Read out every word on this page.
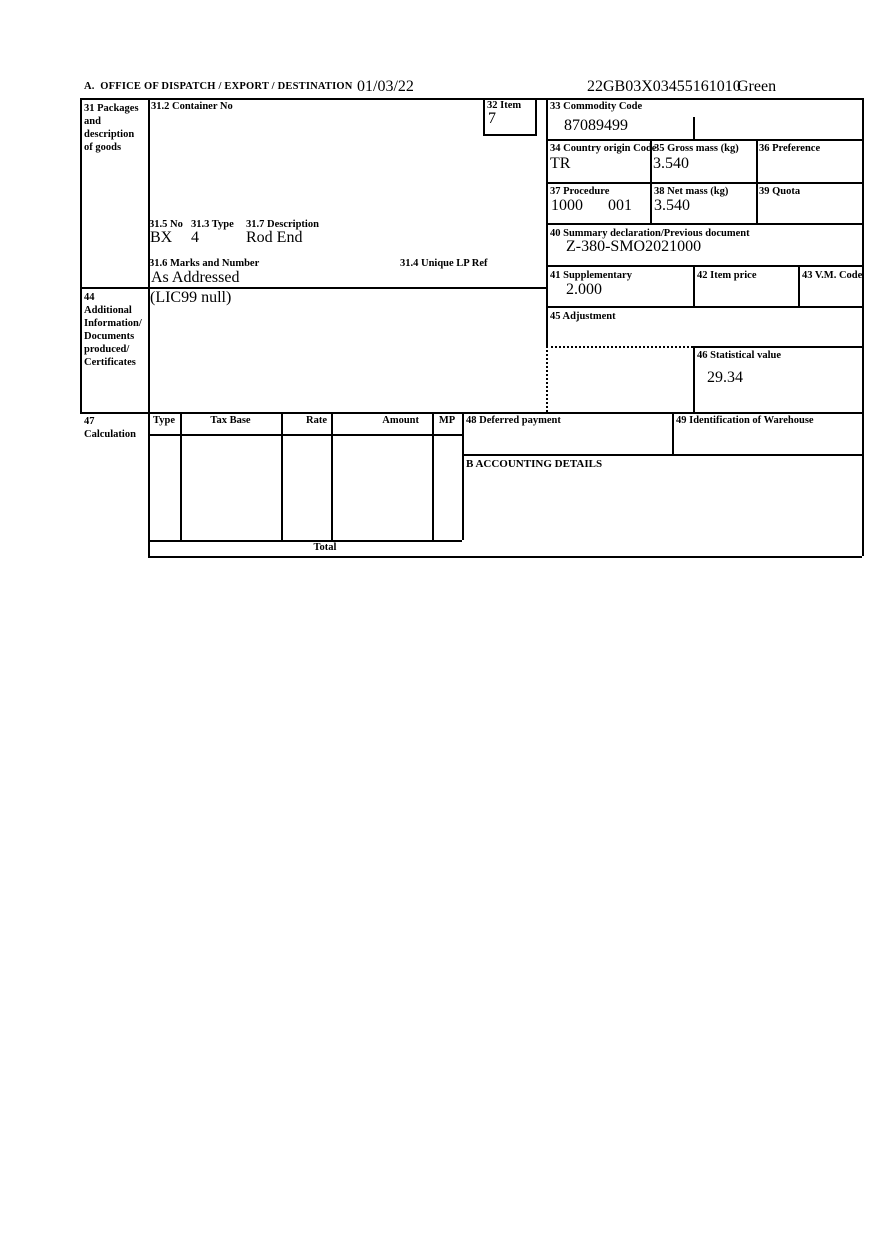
A.  OFFICE OF DISPATCH / EXPORT / DESTINATION 01/03/22	22GB03X03455161010
Green
31 Packages
and
description
of goods
31.2 Container No	32 Item
7
31.5 No 31.3 Type 31.7 Description
BX 4	Rod End
31.6 Marks and Number	31.4 Unique LP Ref
As Addressed
33 Commodity Code
87089499
34 Country origin Code
TR
35 Gross mass (kg)
3.540
36 Preference
37 Procedure
1000 001
38 Net mass (kg)
3.540
39 Quota
40 Summary declaration/Previous document
Z-380-SMO2021000
41 Supplementary
2.000
42 Item price	43 V.M. Code
44
Additional
Information/
Documents
produced/
Certificates
(LIC99 null)
45 Adjustment
46 Statistical value
29.34
47
Calculation
Type	Tax Base	Rate	Amount	MP
Total
48 Deferred payment	49 Identification of Warehouse
B ACCOUNTING DETAILS
